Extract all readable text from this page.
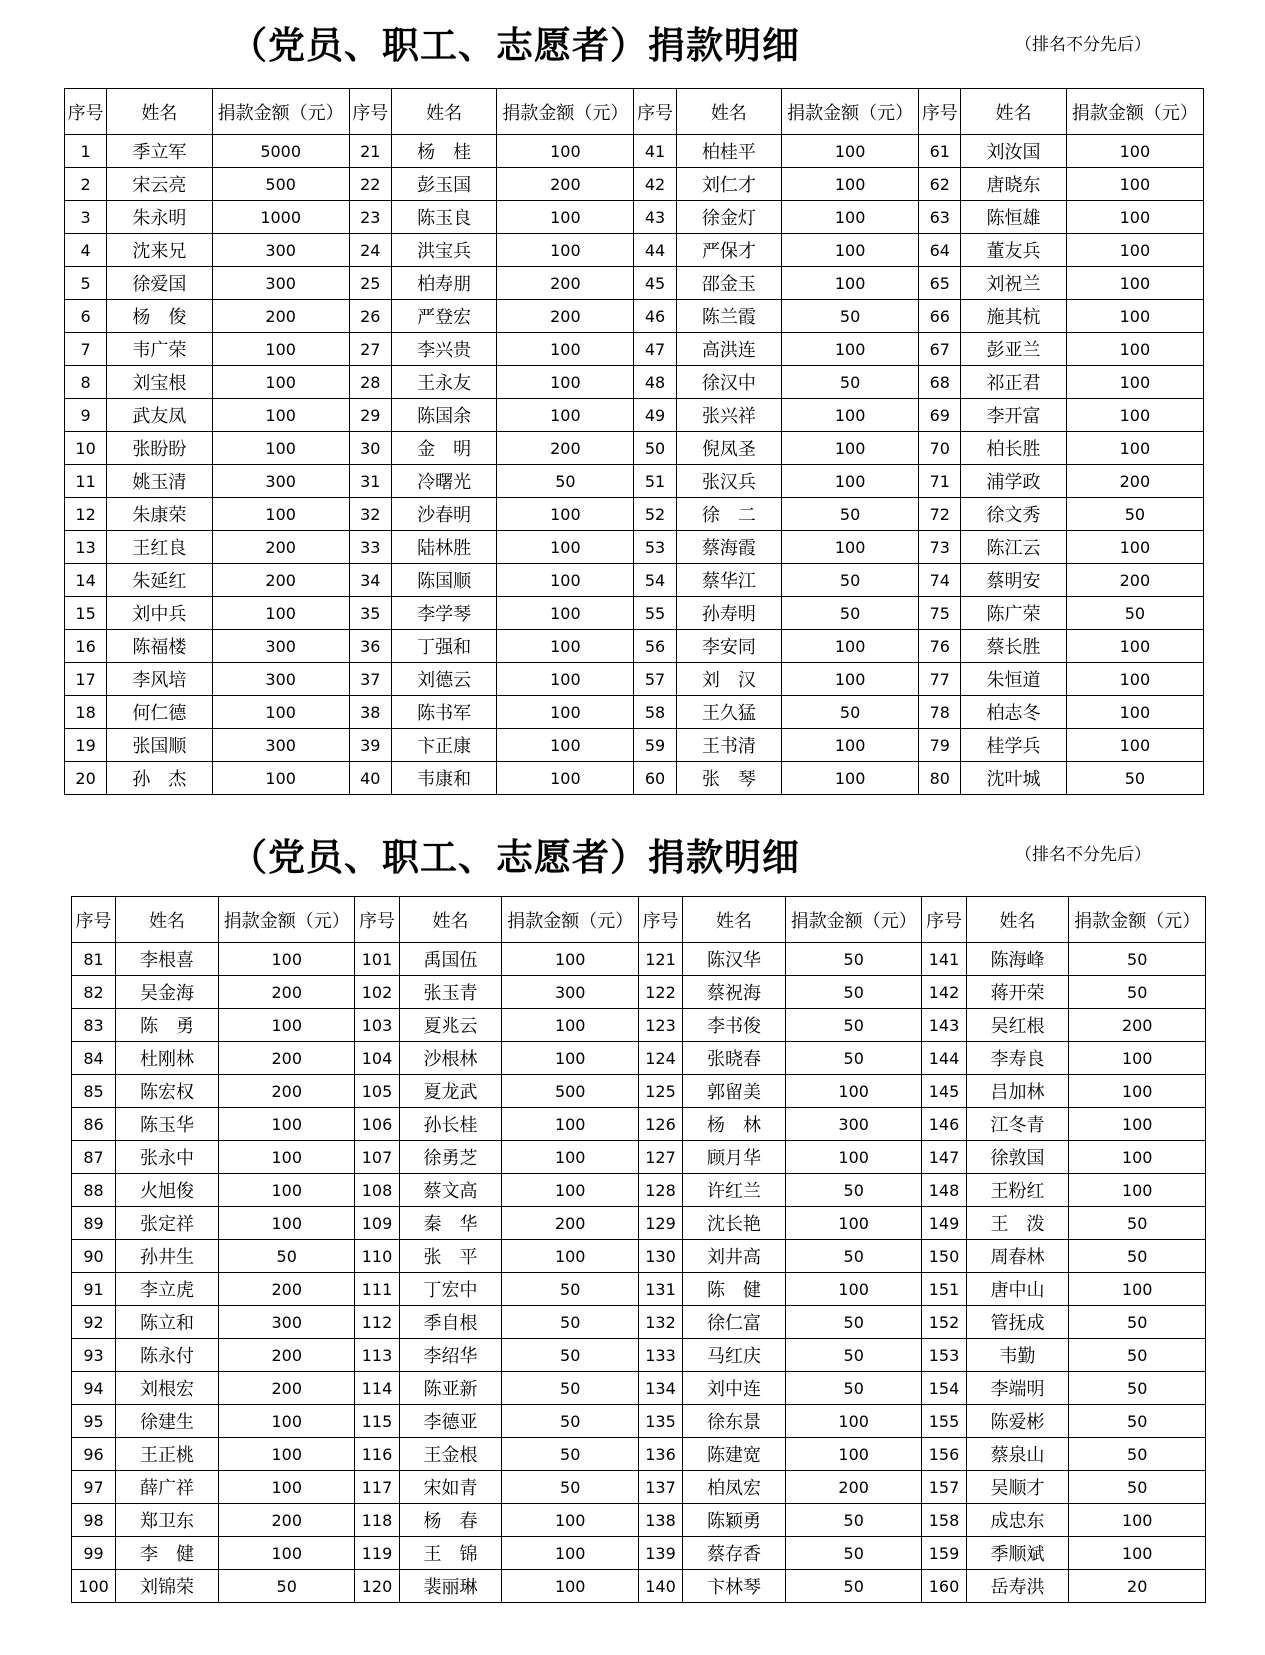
（党员、职工、志愿者）捐款明细	（排名不分先后）
序号	姓名	捐款金额（元）	序号	姓名	捐款金额（元）	序号	姓名	捐款金额（元）	序号	姓名	捐款金额（元）
1	季立军	5000	21	杨　桂	100	41	柏桂平	100	61	刘汝国	100
2	宋云亮	500	22	彭玉国	200	42	刘仁才	100	62	唐晓东	100
3	朱永明	1000	23	陈玉良	100	43	徐金灯	100	63	陈恒雄	100
4	沈来兄	300	24	洪宝兵	100	44	严保才	100	64	董友兵	100
5	徐爱国	300	25	柏寿朋	200	45	邵金玉	100	65	刘祝兰	100
6	杨　俊	200	26	严登宏	200	46	陈兰霞	50	66	施其杭	100
7	韦广荣	100	27	李兴贵	100	47	高洪连	100	67	彭亚兰	100
8	刘宝根	100	28	王永友	100	48	徐汉中	50	68	祁正君	100
9	武友凤	100	29	陈国余	100	49	张兴祥	100	69	李开富	100
10	张盼盼	100	30	金　明	200	50	倪凤圣	100	70	柏长胜	100
11	姚玉清	300	31	冷曙光	50	51	张汉兵	100	71	浦学政	200
12	朱康荣	100	32	沙春明	100	52	徐　二	50	72	徐文秀	50
13	王红良	200	33	陆林胜	100	53	蔡海霞	100	73	陈江云	100
14	朱延红	200	34	陈国顺	100	54	蔡华江	50	74	蔡明安	200
15	刘中兵	100	35	李学琴	100	55	孙寿明	50	75	陈广荣	50
16	陈福楼	300	36	丁强和	100	56	李安同	100	76	蔡长胜	100
17	李风培	300	37	刘德云	100	57	刘　汉	100	77	朱恒道	100
18	何仁德	100	38	陈书军	100	58	王久猛	50	78	柏志冬	100
19	张国顺	300	39	卞正康	100	59	王书清	100	79	桂学兵	100
20	孙　杰	100	40	韦康和	100	60	张　琴	100	80	沈叶城	50
（党员、职工、志愿者）捐款明细	（排名不分先后）
序号	姓名	捐款金额（元）	序号	姓名	捐款金额（元）	序号	姓名	捐款金额（元）	序号	姓名	捐款金额（元）
81	李根喜	100	101	禹国伍	100	121	陈汉华	50	141	陈海峰	50
82	吴金海	200	102	张玉青	300	122	蔡祝海	50	142	蒋开荣	50
83	陈　勇	100	103	夏兆云	100	123	李书俊	50	143	吴红根	200
84	杜刚林	200	104	沙根林	100	124	张晓春	50	144	李寿良	100
85	陈宏权	200	105	夏龙武	500	125	郭留美	100	145	吕加林	100
86	陈玉华	100	106	孙长桂	100	126	杨　林	300	146	江冬青	100
87	张永中	100	107	徐勇芝	100	127	顾月华	100	147	徐敦国	100
88	火旭俊	100	108	蔡文高	100	128	许红兰	50	148	王粉红	100
89	张定祥	100	109	秦　华	200	129	沈长艳	100	149	王　泼	50
90	孙井生	50	110	张　平	100	130	刘井高	50	150	周春林	50
91	李立虎	200	111	丁宏中	50	131	陈　健	100	151	唐中山	100
92	陈立和	300	112	季自根	50	132	徐仁富	50	152	管抚成	50
93	陈永付	200	113	李绍华	50	133	马红庆	50	153	韦勤	50
94	刘根宏	200	114	陈亚新	50	134	刘中连	50	154	李端明	50
95	徐建生	100	115	李德亚	50	135	徐东景	100	155	陈爱彬	50
96	王正桃	100	116	王金根	50	136	陈建宽	100	156	蔡泉山	50
97	薛广祥	100	117	宋如青	50	137	柏凤宏	200	157	吴顺才	50
98	郑卫东	200	118	杨　春	100	138	陈颖勇	50	158	成忠东	100
99	李　健	100	119	王　锦	100	139	蔡存香	50	159	季顺斌	100
100	刘锦荣	50	120	裴丽琳	100	140	卞林琴	50	160	岳寿洪	20
